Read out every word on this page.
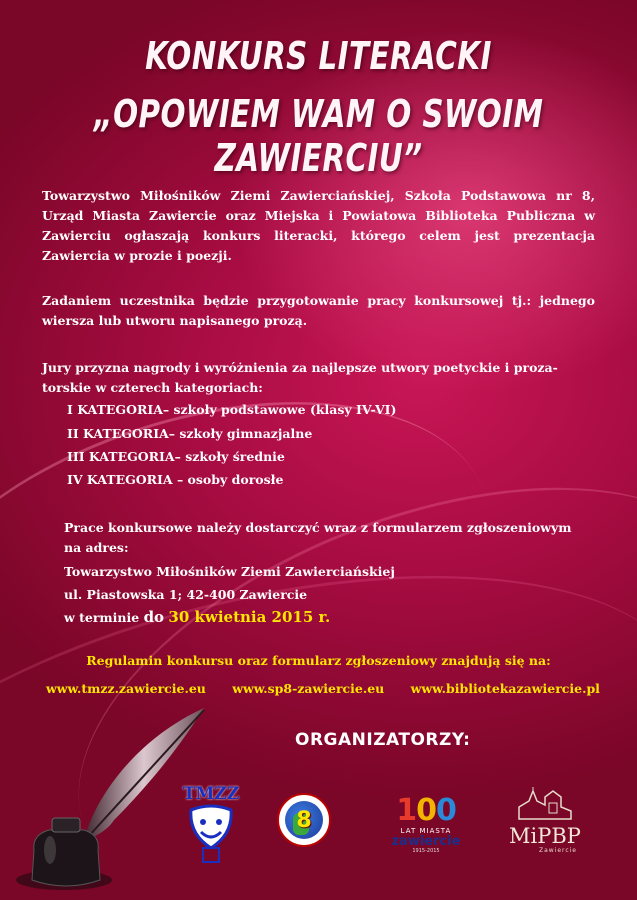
KONKURS LITERACKI
„OPOWIEM WAM O SWOIM ZAWIERCIU”
Towarzystwo Miłośników Ziemi Zawierciańskiej, Szkoła Podstawowa nr 8, Urząd Miasta Zawiercie oraz Miejska i Powiatowa Biblioteka Publiczna w Zawierciu ogłaszają konkurs literacki, którego celem jest prezentacja Zawiercia w prozie i poezji.
Zadaniem uczestnika będzie przygotowanie pracy konkursowej tj.: jednego wiersza lub utworu napisanego prozą.
Jury przyzna nagrody i wyróżnienia za najlepsze utwory poetyckie i proza-
torskie w czterech kategoriach:
I KATEGORIA– szkoły podstawowe (klasy IV-VI)
II KATEGORIA– szkoły gimnazjalne
III KATEGORIA– szkoły średnie
IV KATEGORIA – osoby dorosłe
Prace konkursowe należy dostarczyć wraz z formularzem zgłoszeniowym
na adres:
Towarzystwo Miłośników Ziemi Zawierciańskiej
ul. Piastowska 1; 42-400 Zawiercie
w terminie do 30 kwietnia 2015 r.
Regulamin konkursu oraz formularz zgłoszeniowy znajdują się na:
www.tmzz.zawiercie.eu www.sp8-zawiercie.eu www.bibliotekazawiercie.pl
ORGANIZATORZY:
TMZZ
8	100
LAT MIASTA
zawiercie
1915-2015
MiPBP
Zawiercie
